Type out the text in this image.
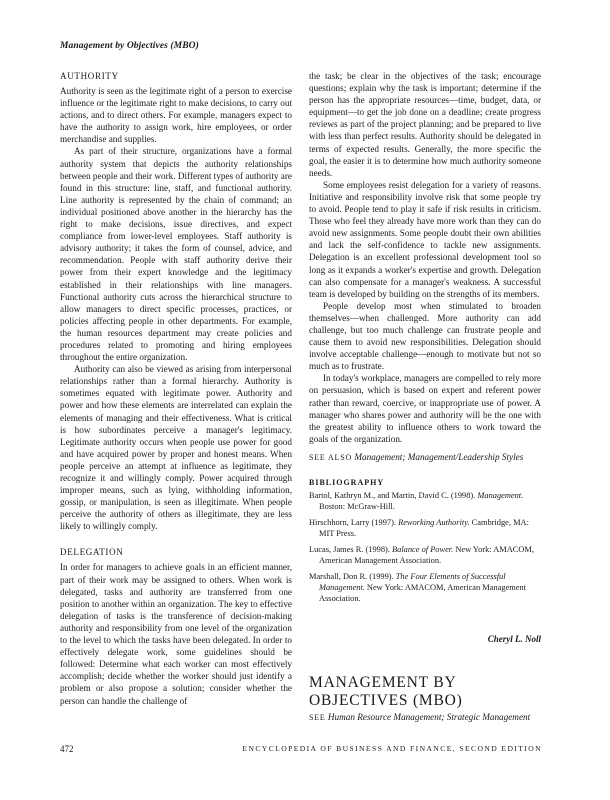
Management by Objectives (MBO)
AUTHORITY

Authority is seen as the legitimate right of a person to exercise influence or the legitimate right to make decisions, to carry out actions, and to direct others. For example, managers expect to have the authority to assign work, hire employees, or order merchandise and supplies.

As part of their structure, organizations have a formal authority system that depicts the authority relationships between people and their work. Different types of authority are found in this structure: line, staff, and functional authority. Line authority is represented by the chain of command; an individual positioned above another in the hierarchy has the right to make decisions, issue directives, and expect compliance from lower-level employees. Staff authority is advisory authority; it takes the form of counsel, advice, and recommendation. People with staff authority derive their power from their expert knowledge and the legitimacy established in their relationships with line managers. Functional authority cuts across the hierarchical structure to allow managers to direct specific processes, practices, or policies affecting people in other departments. For example, the human resources department may create policies and procedures related to promoting and hiring employees throughout the entire organization.

Authority can also be viewed as arising from interpersonal relationships rather than a formal hierarchy. Authority is sometimes equated with legitimate power. Authority and power and how these elements are interrelated can explain the elements of managing and their effectiveness. What is critical is how subordinates perceive a manager's legitimacy. Legitimate authority occurs when people use power for good and have acquired power by proper and honest means. When people perceive an attempt at influence as legitimate, they recognize it and willingly comply. Power acquired through improper means, such as lying, withholding information, gossip, or manipulation, is seen as illegitimate. When people perceive the authority of others as illegitimate, they are less likely to willingly comply.

DELEGATION

In order for managers to achieve goals in an efficient manner, part of their work may be assigned to others. When work is delegated, tasks and authority are transferred from one position to another within an organization. The key to effective delegation of tasks is the transference of decision-making authority and responsibility from one level of the organization to the level to which the tasks have been delegated. In order to effectively delegate work, some guidelines should be followed: Determine what each worker can most effectively accomplish; decide whether the worker should just identify a problem or also propose a solution; consider whether the person can handle the challenge of

the task; be clear in the objectives of the task; encourage questions; explain why the task is important; determine if the person has the appropriate resources—time, budget, data, or equipment—to get the job done on a deadline; create progress reviews as part of the project planning; and be prepared to live with less than perfect results. Authority should be delegated in terms of expected results. Generally, the more specific the goal, the easier it is to determine how much authority someone needs.

Some employees resist delegation for a variety of reasons. Initiative and responsibility involve risk that some people try to avoid. People tend to play it safe if risk results in criticism. Those who feel they already have more work than they can do avoid new assignments. Some people doubt their own abilities and lack the self-confidence to tackle new assignments. Delegation is an excellent professional development tool so long as it expands a worker's expertise and growth. Delegation can also compensate for a manager's weakness. A successful team is developed by building on the strengths of its members.

People develop most when stimulated to broaden themselves—when challenged. More authority can add challenge, but too much challenge can frustrate people and cause them to avoid new responsibilities. Delegation should involve acceptable challenge—enough to motivate but not so much as to frustrate.

In today's workplace, managers are compelled to rely more on persuasion, which is based on expert and referent power rather than reward, coercive, or inappropriate use of power. A manager who shares power and authority will be the one with the greatest ability to influence others to work toward the goals of the organization.

SEE ALSO Management; Management/Leadership Styles
BIBLIOGRAPHY
Bartol, Kathryn M., and Martin, David C. (1998). Management. Boston: McGraw-Hill.
Hirschhorn, Larry (1997). Reworking Authority. Cambridge, MA: MIT Press.
Lucas, James R. (1998). Balance of Power. New York: AMACOM, American Management Association.
Marshall, Don R. (1999). The Four Elements of Successful Management. New York: AMACOM, American Management Association.
Cheryl L. Noll
MANAGEMENT BY
OBJECTIVES (MBO)
SEE Human Resource Management; Strategic Management
472	ENCYCLOPEDIA OF BUSINESS AND FINANCE, SECOND EDITION
